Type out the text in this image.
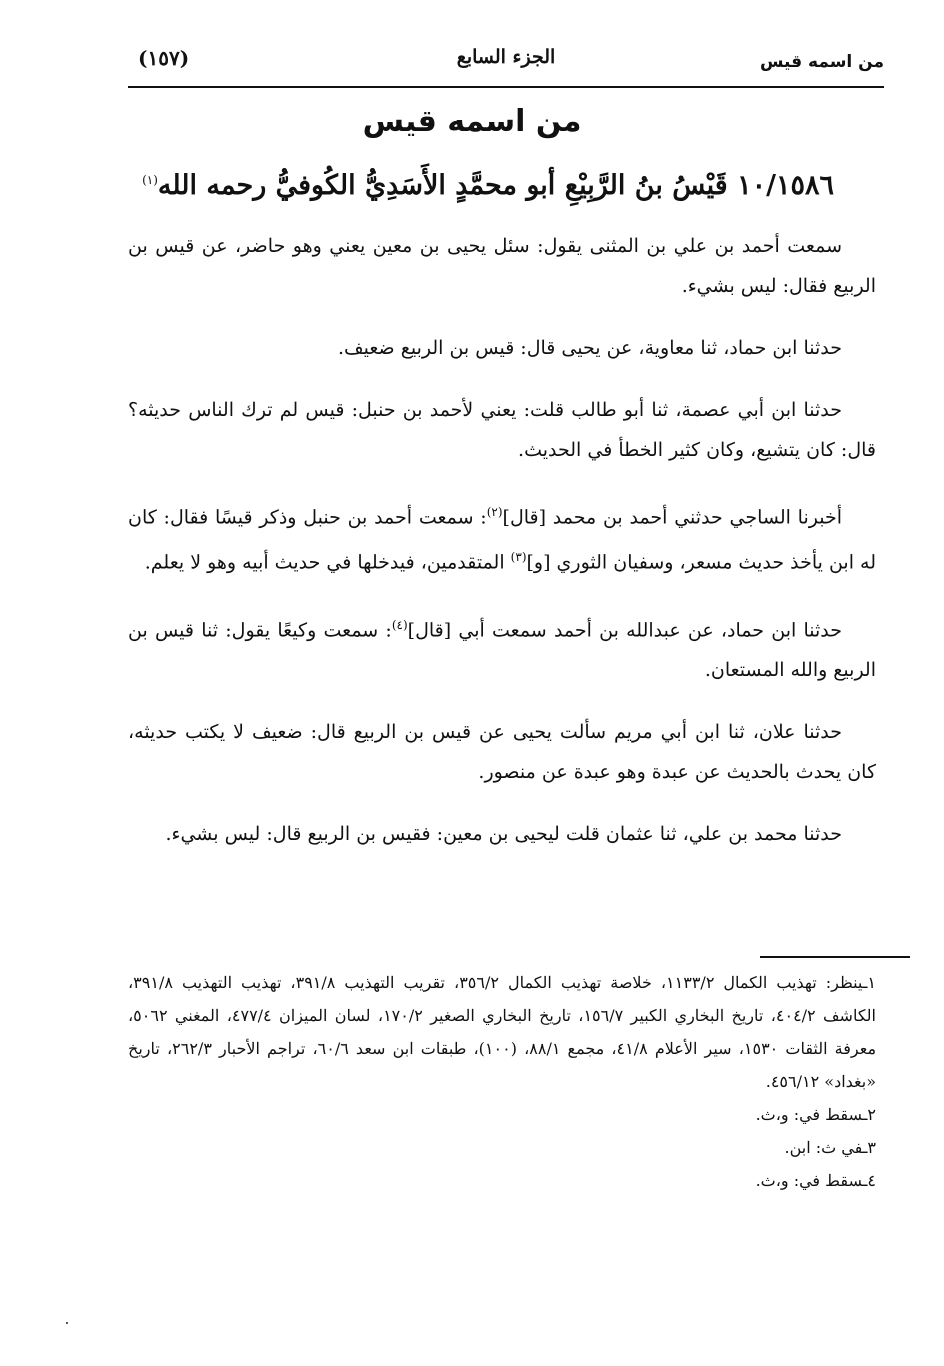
من اسمه قيس
الجزء السابع
(١٥٧)
من اسمه قيس
١٠/١٥٨٦ قَيْسُ بنُ الرَّبِيْعِ أبو محمَّدٍ الأَسَدِيُّ الكُوفيُّ رحمه الله$^{(١)}$

سمعت أحمد بن علي بن المثنى يقول: سئل يحيى بن معين يعني وهو حاضر، عن قيس بن الربيع فقال: ليس بشيء.

حدثنا ابن حماد، ثنا معاوية، عن يحيى قال: قيس بن الربيع ضعيف.

حدثنا ابن أبي عصمة، ثنا أبو طالب قلت: يعني لأحمد بن حنبل: قيس لم ترك الناس حديثه؟ قال: كان يتشيع، وكان كثير الخطأ في الحديث.

أخبرنا الساجي حدثني أحمد بن محمد [قال]$^{(٢)}$: سمعت أحمد بن حنبل وذكر قيسًا فقال: كان له ابن يأخذ حديث مسعر، وسفيان الثوري [و]$^{(٣)}$ المتقدمين، فيدخلها في حديث أبيه وهو لا يعلم.

حدثنا ابن حماد، عن عبدالله بن أحمد سمعت أبي [قال]$^{(٤)}$: سمعت وكيعًا يقول: ثنا قيس بن الربيع والله المستعان.

حدثنا علان، ثنا ابن أبي مريم سألت يحيى عن قيس بن الربيع قال: ضعيف لا يكتب حديثه، كان يحدث بالحديث عن عبدة وهو عبدة عن منصور.

حدثنا محمد بن علي، ثنا عثمان قلت ليحيى بن معين: فقيس بن الربيع قال: ليس بشيء.

١ـينظر: تهذيب الكمال ١١٣٣/٢، خلاصة تهذيب الكمال ٣٥٦/٢، تقريب التهذيب ٣٩١/٨، تهذيب التهذيب ٣٩١/٨، الكاشف ٤٠٤/٢، تاريخ البخاري الكبير ١٥٦/٧، تاريخ البخاري الصغير ١٧٠/٢، لسان الميزان ٤٧٧/٤، المغني ٥٠٦٢، معرفة الثقات ١٥٣٠، سير الأعلام ٤١/٨، مجمع ٨٨/١، (١٠٠)، طبقات ابن سعد ٦٠/٦، تراجم الأحبار ٢٦٢/٣، تاريخ «بغداد» ٤٥٦/١٢.

٢ـسقط في: و،ث.

٣ـفي ث: ابن.

٤ـسقط في: و،ث.
